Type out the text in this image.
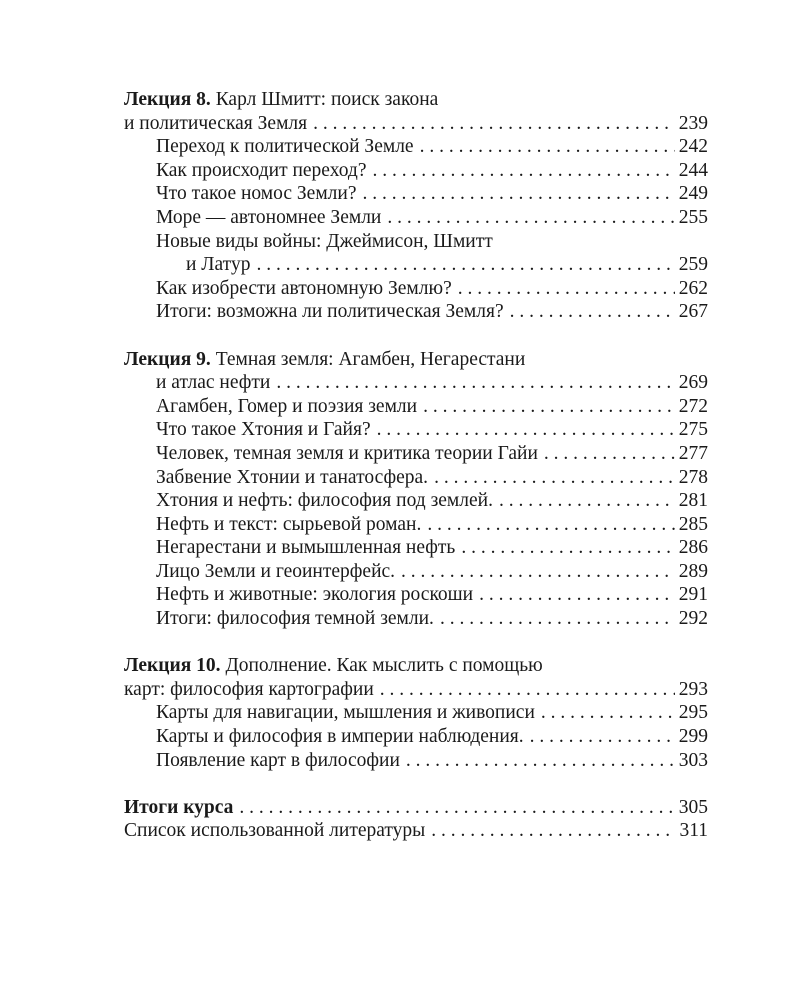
Лекция 8. Карл Шмитт: поиск закона
и политическая Земля . . .	239
Переход к политической Земле . . .	242
Как происходит переход? . . .	244
Что такое номос Земли? . . .	249
Море — автономнее Земли . . .	255
Новые виды войны: Джеймисон, Шмитт
и Латур . . .	259
Как изобрести автономную Землю? . . .	262
Итоги: возможна ли политическая Земля? . . .	267
Лекция 9. Темная земля: Агамбен, Негарестани
и атлас нефти . . .	269
Агамбен, Гомер и поэзия земли . . .	272
Что такое Хтония и Гайя? . . .	275
Человек, темная земля и критика теории Гайи . . .	277
Забвение Хтонии и танатосфера. . . .	278
Хтония и нефть: философия под землей. . . .	281
Нефть и текст: сырьевой роман. . . .	285
Негарестани и вымышленная нефть . . .	286
Лицо Земли и геоинтерфейс. . . .	289
Нефть и животные: экология роскоши . . .	291
Итоги: философия темной земли. . . .	292
Лекция 10. Дополнение. Как мыслить с помощью
карт: философия картографии . . .	293
Карты для навигации, мышления и живописи . . .	295
Карты и философия в империи наблюдения. . . .	299
Появление карт в философии . . .	303
Итоги курса . . .	305
Список использованной литературы . . .	311
